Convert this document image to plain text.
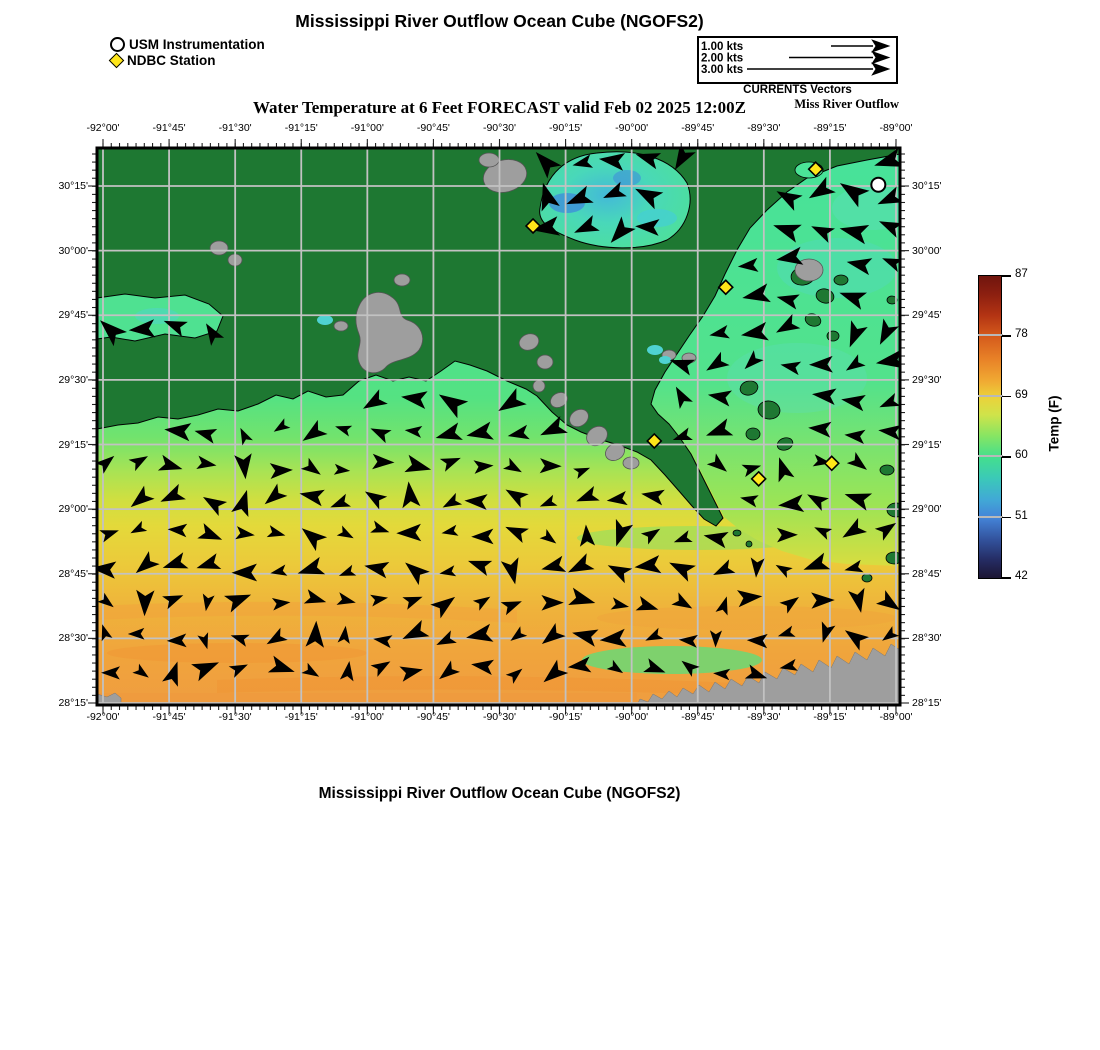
Mississippi River Outflow Ocean Cube (NGOFS2)
USM Instrumentation
NDBC Station
1.00 kts
2.00 kts
3.00 kts
CURRENTS Vectors
Water Temperature at 6 Feet FORECAST valid Feb 02 2025 12:00Z	Miss River Outflow
-92°00'	-91°45'	-91°30'	-91°15'	-91°00'	-90°45'	-90°30'	-90°15'	-90°00'	-89°45'	-89°30'	-89°15'	-89°00'
-92°00'	-91°45'	-91°30'	-91°15'	-91°00'	-90°45'	-90°30'	-90°15'	-90°00'	-89°45'	-89°30'	-89°15'	-89°00'
30°15'
30°00'
29°45'
29°30'
29°15'
29°00'
28°45'
28°30'
28°15'
30°15'
30°00'
29°45'
29°30'
29°15'
29°00'
28°45'
28°30'
28°15'
87
78
69
60
51
42
Temp (F)
Mississippi River Outflow Ocean Cube (NGOFS2)
